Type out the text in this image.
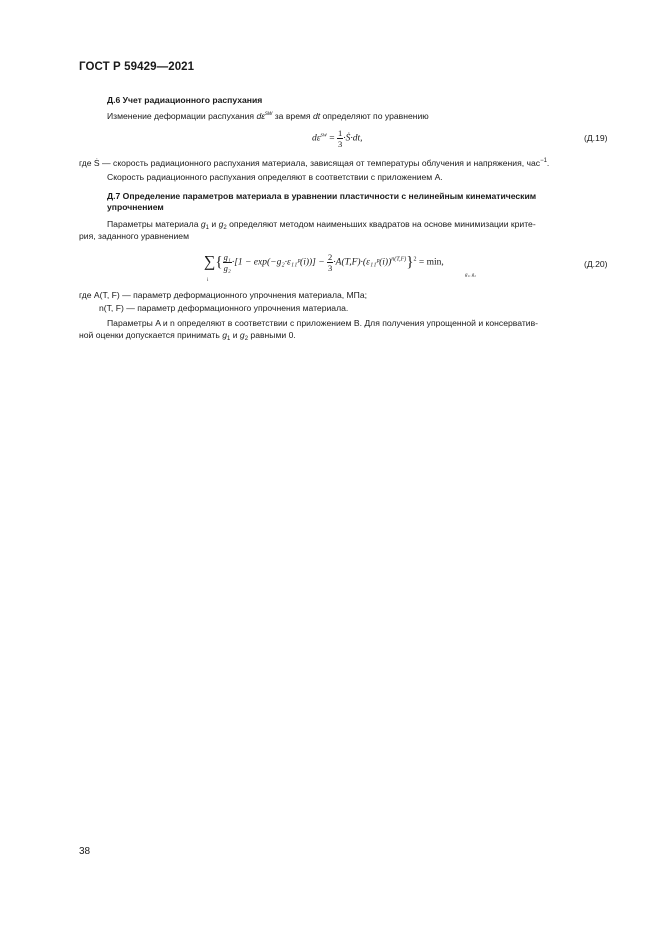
ГОСТ Р 59429—2021
Д.6 Учет радиационного распухания
Изменение деформации распухания $d\varepsilon^{sw}$ за время dt определяют по уравнению
$d\varepsilon^{sw} = \frac{1}{3}$ ·Ṡ·dt,	(Д.19)
где Ṡ — скорость радиационного распухания материала, зависящая от температуры облучения и напряжения, час$^{-1}$.
Скорость радиационного распухания определяют в соответствии с приложением А.
Д.7 Определение параметров материала в уравнении пластичности с нелинейным кинематическим
упрочнением
Параметры материала $g_1$ и $g_2$ определяют методом наименьших квадратов на основе минимизации крите-
рия, заданного уравнением
∑{ $\frac{\text{g₁}}{\text{g₂}} \cdot[1$ − exp(−g₂·ε₁₁ᵖ(i))] − $\frac{2}{3}$ ·A(T,F)·(ε₁₁ᵖ(i))$^{n(T,F)}$}$^2$ = min,
i
g₁, g₂
(Д.20)
где A(T, F) — параметр деформационного упрочнения материала, МПа;
n(T, F) — параметр деформационного упрочнения материала.
Параметры A и n определяют в соответствии с приложением В. Для получения упрощенной и консерватив-
ной оценки допускается принимать $g_1$ и $g_2$ равными 0.
38
